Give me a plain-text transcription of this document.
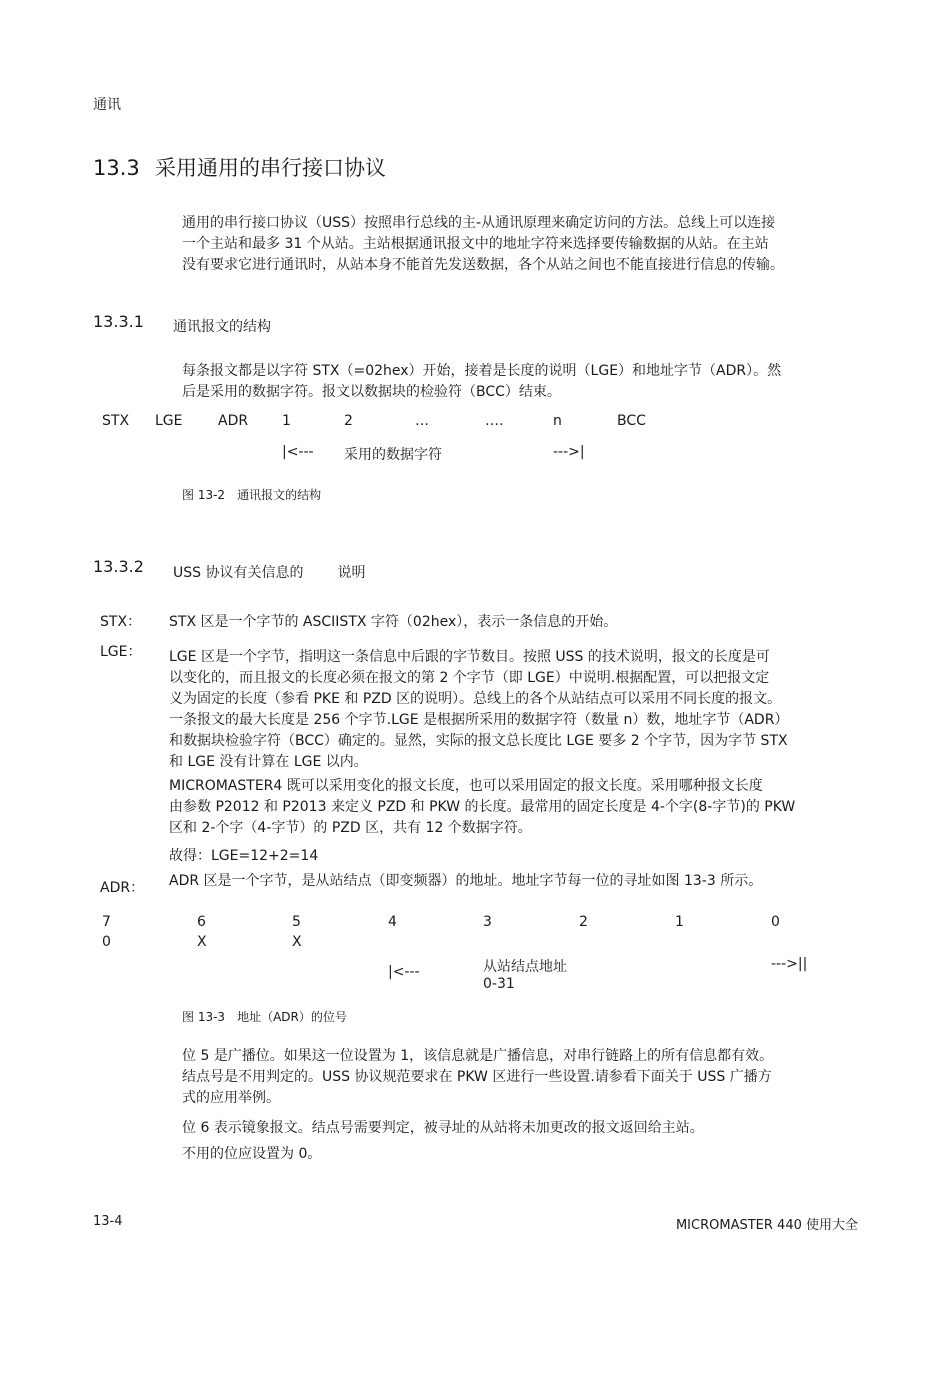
通讯
13.3 采用通用的串行接口协议
通用的串行接口协议（USS）按照串行总线的主-从通讯原理来确定访问的方法。总线上可以连接
一个主站和最多 31 个从站。主站根据通讯报文中的地址字符来选择要传输数据的从站。在主站
没有要求它进行通讯时，从站本身不能首先发送数据，各个从站之间也不能直接进行信息的传输。
13.3.1 通讯报文的结构
每条报文都是以字符 STX（=02hex）开始，接着是长度的说明（LGE）和地址字节（ADR）。然
后是采用的数据字符。报文以数据块的检验符（BCC）结束。
STX LGE	ADR 1	2	…	….	n	BCC
|<--- 采用的数据字符	--->|
图 13-2 通讯报文的结构
13.3.2 USS 协议有关信息的 说明
STX： STX 区是一个字节的 ASCIISTX 字符（02hex），表示一条信息的开始。
LGE： LGE 区是一个字节，指明这一条信息中后跟的字节数目。按照 USS 的技术说明，报文的长度是可
以变化的，而且报文的长度必须在报文的第 2 个字节（即 LGE）中说明.根据配置，可以把报文定
义为固定的长度（参看 PKE 和 PZD 区的说明）。总线上的各个从站结点可以采用不同长度的报文。
一条报文的最大长度是 256 个字节.LGE 是根据所采用的数据字符（数量 n）数，地址字节（ADR）
和数据块检验字符（BCC）确定的。显然，实际的报文总长度比 LGE 要多 2 个字节，因为字节 STX
和 LGE 没有计算在 LGE 以内。
MICROMASTER4 既可以采用变化的报文长度，也可以采用固定的报文长度。采用哪种报文长度
由参数 P2012 和 P2013 来定义 PZD 和 PKW 的长度。最常用的固定长度是 4-个字(8-字节)的 PKW
区和 2-个字（4-字节）的 PZD 区，共有 12 个数据字符。
故得：LGE=12+2=14
ADR： ADR 区是一个字节，是从站结点（即变频器）的地址。地址字节每一位的寻址如图 13-3 所示。
7	6	5	4	3	2	1	0
0	X	X
|<---	从站结点地址
0-31
--->||
图 13-3 地址（ADR）的位号
位 5 是广播位。如果这一位设置为 1，该信息就是广播信息，对串行链路上的所有信息都有效。
结点号是不用判定的。USS 协议规范要求在 PKW 区进行一些设置.请参看下面关于 USS 广播方
式的应用举例。
位 6 表示镜象报文。结点号需要判定，被寻址的从站将未加更改的报文返回给主站。
不用的位应设置为 0。
13-4	MICROMASTER 440 使用大全
